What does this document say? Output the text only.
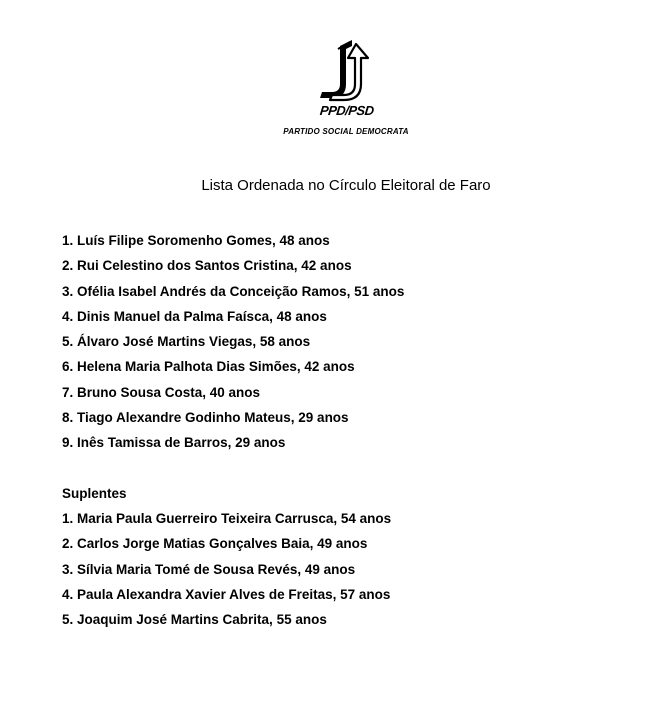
PPD/PSD
PARTIDO SOCIAL DEMOCRATA
Lista Ordenada no Círculo Eleitoral de Faro
1. Luís Filipe Soromenho Gomes, 48 anos
2. Rui Celestino dos Santos Cristina, 42 anos
3. Ofélia Isabel Andrés da Conceição Ramos, 51 anos
4. Dinis Manuel da Palma Faísca, 48 anos
5. Álvaro José Martins Viegas, 58 anos
6. Helena Maria Palhota Dias Simões, 42 anos
7. Bruno Sousa Costa, 40 anos
8. Tiago Alexandre Godinho Mateus, 29 anos
9. Inês Tamissa de Barros, 29 anos
Suplentes
1. Maria Paula Guerreiro Teixeira Carrusca, 54 anos
2. Carlos Jorge Matias Gonçalves Baia, 49 anos
3. Sílvia Maria Tomé de Sousa Revés, 49 anos
4. Paula Alexandra Xavier Alves de Freitas, 57 anos
5. Joaquim José Martins Cabrita, 55 anos
